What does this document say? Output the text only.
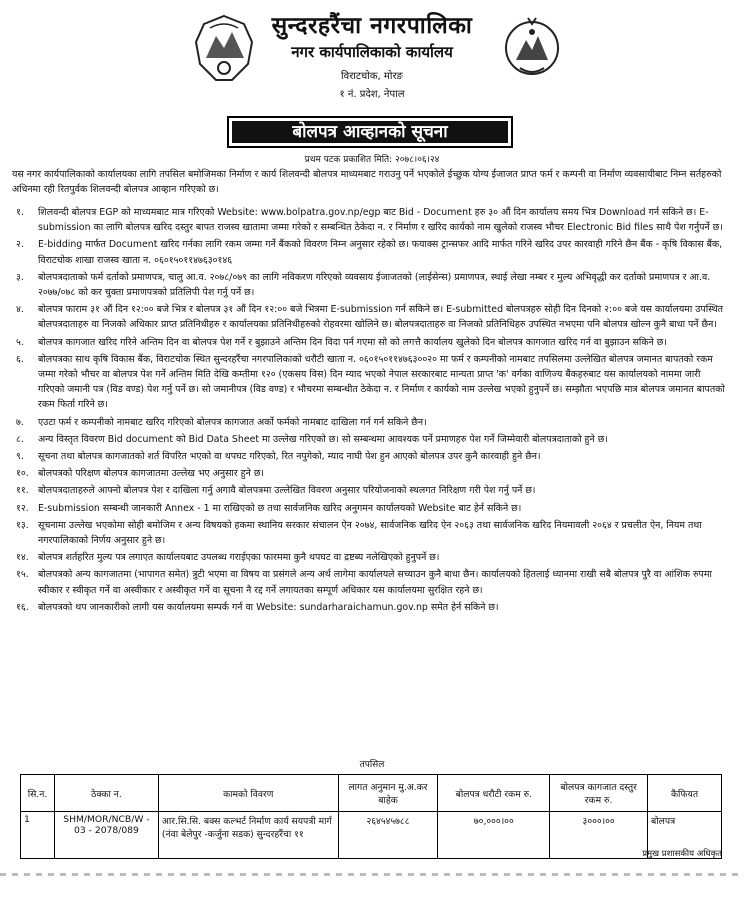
सुन्दरहरैंचा नगरपालिका
नगर कार्यपालिकाको कार्यालय
विराटचोक, मोरङ
१ नं. प्रदेश, नेपाल
बोलपत्र आव्हानको सूचना
प्रथम पटक प्रकाशित मिति: २०७८।०६।२४
यस नगर कार्यपालिकाको कार्यालयका लागि तपसिल बमोजिमका निर्माण र कार्य शिलवन्दी बोलपत्र माध्यमबाट गराउनु पर्ने भएकोले ईच्छुक योग्य ईजाजत प्राप्त फर्म र कम्पनी वा निर्माण व्यवसायीबाट निम्न सर्तहरुको अधिनमा रही रितपुर्वक शिलवन्दी बोलपत्र आव्हान गरिएको छ।
१. शिलवन्दी बोलपत्र EGP को माध्यमबाट मात्र गरिएको Website: www.bolpatra.gov.np/egp बाट Bid - Document हरु ३० औं दिन कार्यालय समय भित्र Download गर्न सकिने छ। E-submission का लागि बोलपत्र खरिद दस्तुर बापत राजस्व खातामा जम्मा गरेको र सम्बन्धित ठेकेदा न. र निर्माण र खरिद कार्यको नाम खुलेको राजस्व भौचर Electronic Bid files साथै पेश गर्नुपर्ने छ।
२. E-bidding मार्फत Document खरिद गर्नका लागि रकम जम्मा गर्ने बैंकको विवरण निम्न अनुसार रहेको छ। फयाक्स ट्रान्सफर आदि मार्फत गरिने खरिद उपर कारवाही गरिने छैन बैंक - कृषि विकास बैंक, विराटचोक शाखा राजस्व खाता न. ०६०१५०११४७६३०१४६
३. बोलपत्रदाताको फर्म दर्ताको प्रमाणपत्र, चालु आ.व. २०७८/०७९ का लागि नविकरण गरिएको व्यवसाय ईजाजतको (लाईसेन्स) प्रमाणपत्र, स्थाई लेखा नम्बर र मुल्य अभिवृद्धी कर दर्ताको प्रमाणपत्र र आ.व. २०७७/०७८ को कर चुक्ता प्रमाणपत्रको प्रतिलिपी पेश गर्नु पर्ने छ।
४. बोलपत्र फाराम ३१ औं दिन १२:०० बजे भित्र र बोलपत्र ३१ औं दिन १२:०० बजे भित्रमा E-submission गर्न सकिने छ। E-submitted बोलपत्रहरु सोही दिन दिनको २:०० बजे यस कार्यालयमा उपस्थित बोलपत्रदाताहरु वा निजको अधिकार प्राप्त प्रतिनिधीहरु र कार्यालयका प्रतिनिधीहरुको रोहवरमा खोलिने छ। बोलपत्रदाताहरु वा निजको प्रतिनिधिहरु उपस्थित नभएमा पनि बोलपत्र खोल्न कुनै बाधा पर्ने छैन।
५. बोलपत्र कागजात खरिद गरिने अन्तिम दिन वा बोलपत्र पेश गर्ने र बुझाउने अन्तिम दिन विदा पर्न गएमा सो को लगत्तै कार्यालय खुलेको दिन बोलपत्र कागजात खरिद गर्न वा बुझाउन सकिने छ।
६. बोलपत्रका साथ कृषि विकास बैंक, विराटचोक स्थित सुन्दरहरैंचा नगरपालिकाको धरौटी खाता न. ०६०१५०११४७६३००२० मा फर्म र कम्पनीको नामबाट तपसिलमा उल्लेखित बोलपत्र जमानत बापतको रकम जम्मा गरेको भौचर वा बोलपत्र पेश गर्ने अन्तिम मिति देखि कम्तीमा १२० (एकसय विस) दिन म्याद भएको नेपाल सरकारबाट मान्यता प्राप्त 'क' वर्गका वाणिज्य बैंकहरुबाट यस कार्यालयको नाममा जारी गरिएको जमानी पत्र (विड वण्ड) पेश गर्नु पर्ने छ। सो जमानीपत्र (विड वण्ड) र भौचरमा सम्बन्धीत ठेकेदा न. र निर्माण र कार्यको नाम उल्लेख भएको हुनुपर्ने छ। सम्झौता भएपछि मात्र बोलपत्र जमानत बापतको रकम फिर्ता गरिने छ।
७. एउटा फर्म र कम्पनीको नामबाट खरिद गरिएको बोलपत्र कागजात अर्को फर्मको नामबाट दाखिला गर्न गर्न सकिने छैन।
८. अन्य विस्तृत विवरण Bid document को Bid Data Sheet मा उल्लेख गरिएको छ। सो सम्बन्धमा आवश्यक पर्ने प्रमाणहरु पेश गर्ने जिम्मेवारी बोलपत्रदाताको हुने छ।
९. सूचना तथा बोलपत्र कागजातको शर्त विपरित भएको वा थपघट गरिएको, रित नपुगेको, म्याद नाघी पेश हुन आएको बोलपत्र उपर कुनै कारवाही हुने छैन।
१०. बोलपत्रको परिक्षण बोलपत्र कागजातमा उल्लेख भए अनुसार हुने छ।
११. बोलपत्रदाताहरुले आफ्नो बोलपत्र पेश र दाखिला गर्नु अगावै बोलपत्रमा उल्लेखित विवरण अनुसार परियोजनाको स्थलगत निरिक्षण गरी पेश गर्नु पर्ने छ।
१२. E-submission सम्बन्धी जानकारी Annex - 1 मा राखिएको छ तथा सार्वजनिक खरिद अनुगमन कार्यालयको Website बाट हेर्न सकिने छ।
१३. सूचनामा उल्लेख भएकोमा सोही बमोजिम र अन्य विषयको हकमा स्थानिय सरकार संचालन ऐन २०७४, सार्वजनिक खरिद ऐन २०६३ तथा सार्वजनिक खरिद नियमावली २०६४ र प्रचलीत ऐन, नियम तथा नगरपालिकाको निर्णय अनुसार हुने छ।
१४. बोलपत्र शर्तहरित मुल्य पत्र लगाएत कार्यालयबाट उपलब्ध गराईएका फारममा कुनै थपघट वा द्रष्टब्य नलेखिएको हुनुपर्ने छ।
१५. बोलपत्रको अन्य कागजातमा (भापागत समेत) त्रुटी भएमा वा विषय वा प्रसंगले अन्य अर्थ लागेमा कार्यालयले सच्याउन कुनै बाधा छैन। कार्यालयको हितलाई ध्यानमा राखी सबै बोलपत्र पुरै वा आंशिक रुपमा स्वीकार र स्वीकृत गर्ने वा अस्वीकार र अस्वीकृत गर्ने वा सूचना नै रद्द गर्ने लगायतका सम्पूर्ण अधिकार यस कार्यालयमा सुरक्षित रहने छ।
१६. बोलपत्रको थप जानकारीको लागी यस कार्यालयमा सम्पर्क गर्न वा Website: sundarharaichamun.gov.np समेत हेर्न सकिने छ।
तपसिल
सि.न.	ठेक्का न.	कामको विवरण	लागत अनुमान मु.अ.कर बाहेक	बोलपत्र धरौटी रकम रु.	बोलपत्र कागजात दस्तुर रकम रु.	कैफियत
1	SHM/MOR/NCB/W - 03 - 2078/089	आर.सि.सि. बक्स कल्भर्ट निर्माण कार्य सयपत्री मार्ग (नंवा बेलेपुर -कर्जुना सडक) सुन्दरहरैंचा ११	२६४५४५७८८	७०,०००।००	३०००।००	बोलपत्र
प्रमुख प्रशासकीय अधिकृत
